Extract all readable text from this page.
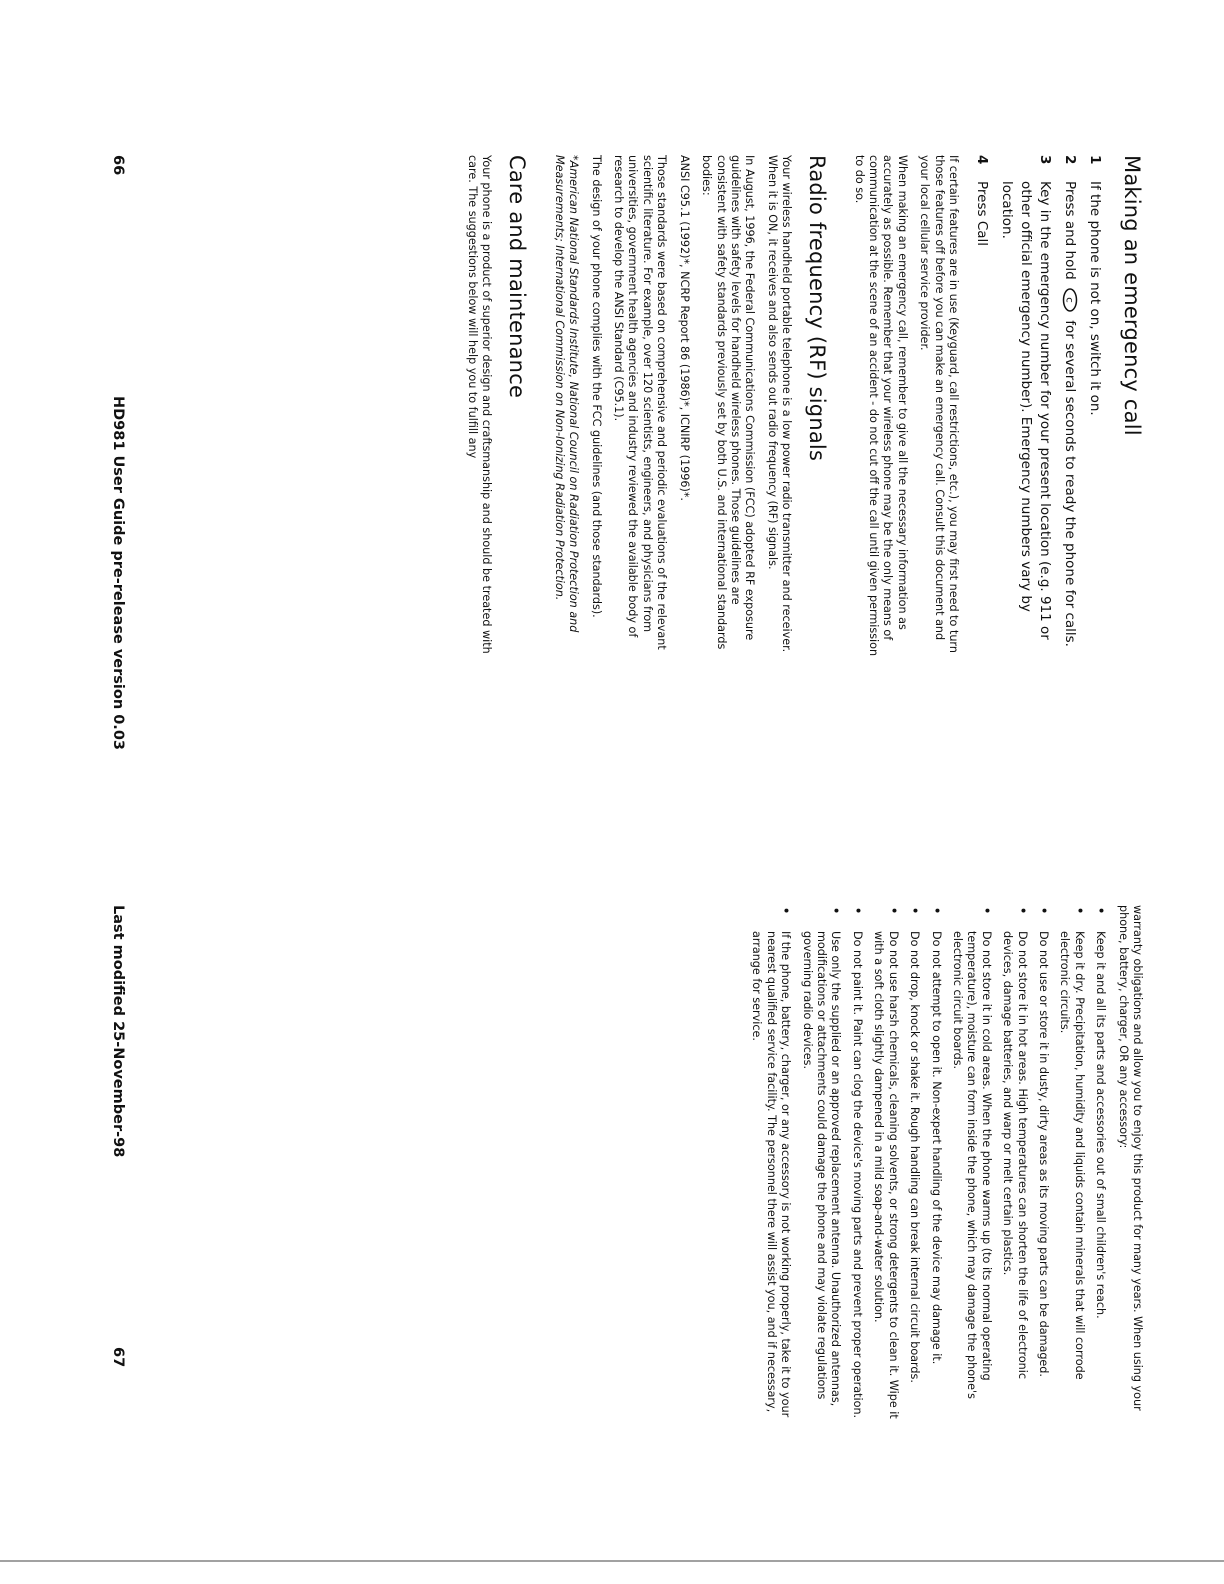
Making an emergency call
1
If the phone is not on, switch it on.
2
Press and hold
c
for several seconds to ready the phone for calls.
3
Key in the emergency number for your present location (e.g. 911 or other official emergency number). Emergency numbers vary by location.
4
Press Call

If certain features are in use (Keyguard, call restrictions, etc.), you may first need to turn those features off before you can make an emergency call. Consult this document and your local cellular service provider.

When making an emergency call, remember to give all the necessary information as accurately as possible. Remember that your wireless phone may be the only means of communication at the scene of an accident - do not cut off the call until given permission to do so.

Radio frequency (RF) signals

Your wireless handheld portable telephone is a low power radio transmitter and receiver. When it is ON, it receives and also sends out radio frequency (RF) signals.

In August, 1996, the Federal Communications Commission (FCC) adopted RF exposure guidelines with safety levels for handheld wireless phones. Those guidelines are consistent with safety standards previously set by both U.S. and international standards bodies:

ANSI C95.1 (1992)*, NCRP Report 86 (1986)*, ICNIRP (1996)*.

Those standards were based on comprehensive and periodic evaluations of the relevant scientific literature. For example, over 120 scientists, engineers, and physicians from universities, government health agencies and industry reviewed the available body of research to develop the ANSI Standard (C95.1).

The design of your phone complies with the FCC guidelines (and those standards).

*American National Standards Institute, National Council on Radiation Protection and Measurements; International Commission on Non-Ionizing Radiation Protection.

Care and maintenance

Your phone is a product of superior design and craftsmanship and should be treated with care. The suggestions below will help you to fulfill any

66
HD981 User Guide pre-release version 0.03

warranty obligations and allow you to enjoy this product for many years. When using your phone, battery, charger, OR any accessory:

•
Keep it and all its parts and accessories out of small children's reach.
•
Keep it dry. Precipitation, humidity and liquids contain minerals that will corrode electronic circuits.
•
Do not use or store it in dusty, dirty areas as its moving parts can be damaged.
•
Do not store it in hot areas. High temperatures can shorten the life of electronic devices, damage batteries, and warp or melt certain plastics.
•
Do not store it in cold areas. When the phone warms up (to its normal operating temperature), moisture can form inside the phone, which may damage the phone's electronic circuit boards.
•
Do not attempt to open it. Non-expert handling of the device may damage it.
•
Do not drop, knock or shake it. Rough handling can break internal circuit boards.
•
Do not use harsh chemicals, cleaning solvents, or strong detergents to clean it. Wipe it with a soft cloth slightly dampened in a mild soap-and-water solution.
•
Do not paint it. Paint can clog the device's moving parts and prevent proper operation.
•
Use only the supplied or an approved replacement antenna. Unauthorized antennas, modifications or attachments could damage the phone and may violate regulations governing radio devices.
•
If the phone, battery, charger, or any accessory is not working properly, take it to your nearest qualified service facility. The personnel there will assist you, and if necessary, arrange for service.
Last modified 25-November-98
67
